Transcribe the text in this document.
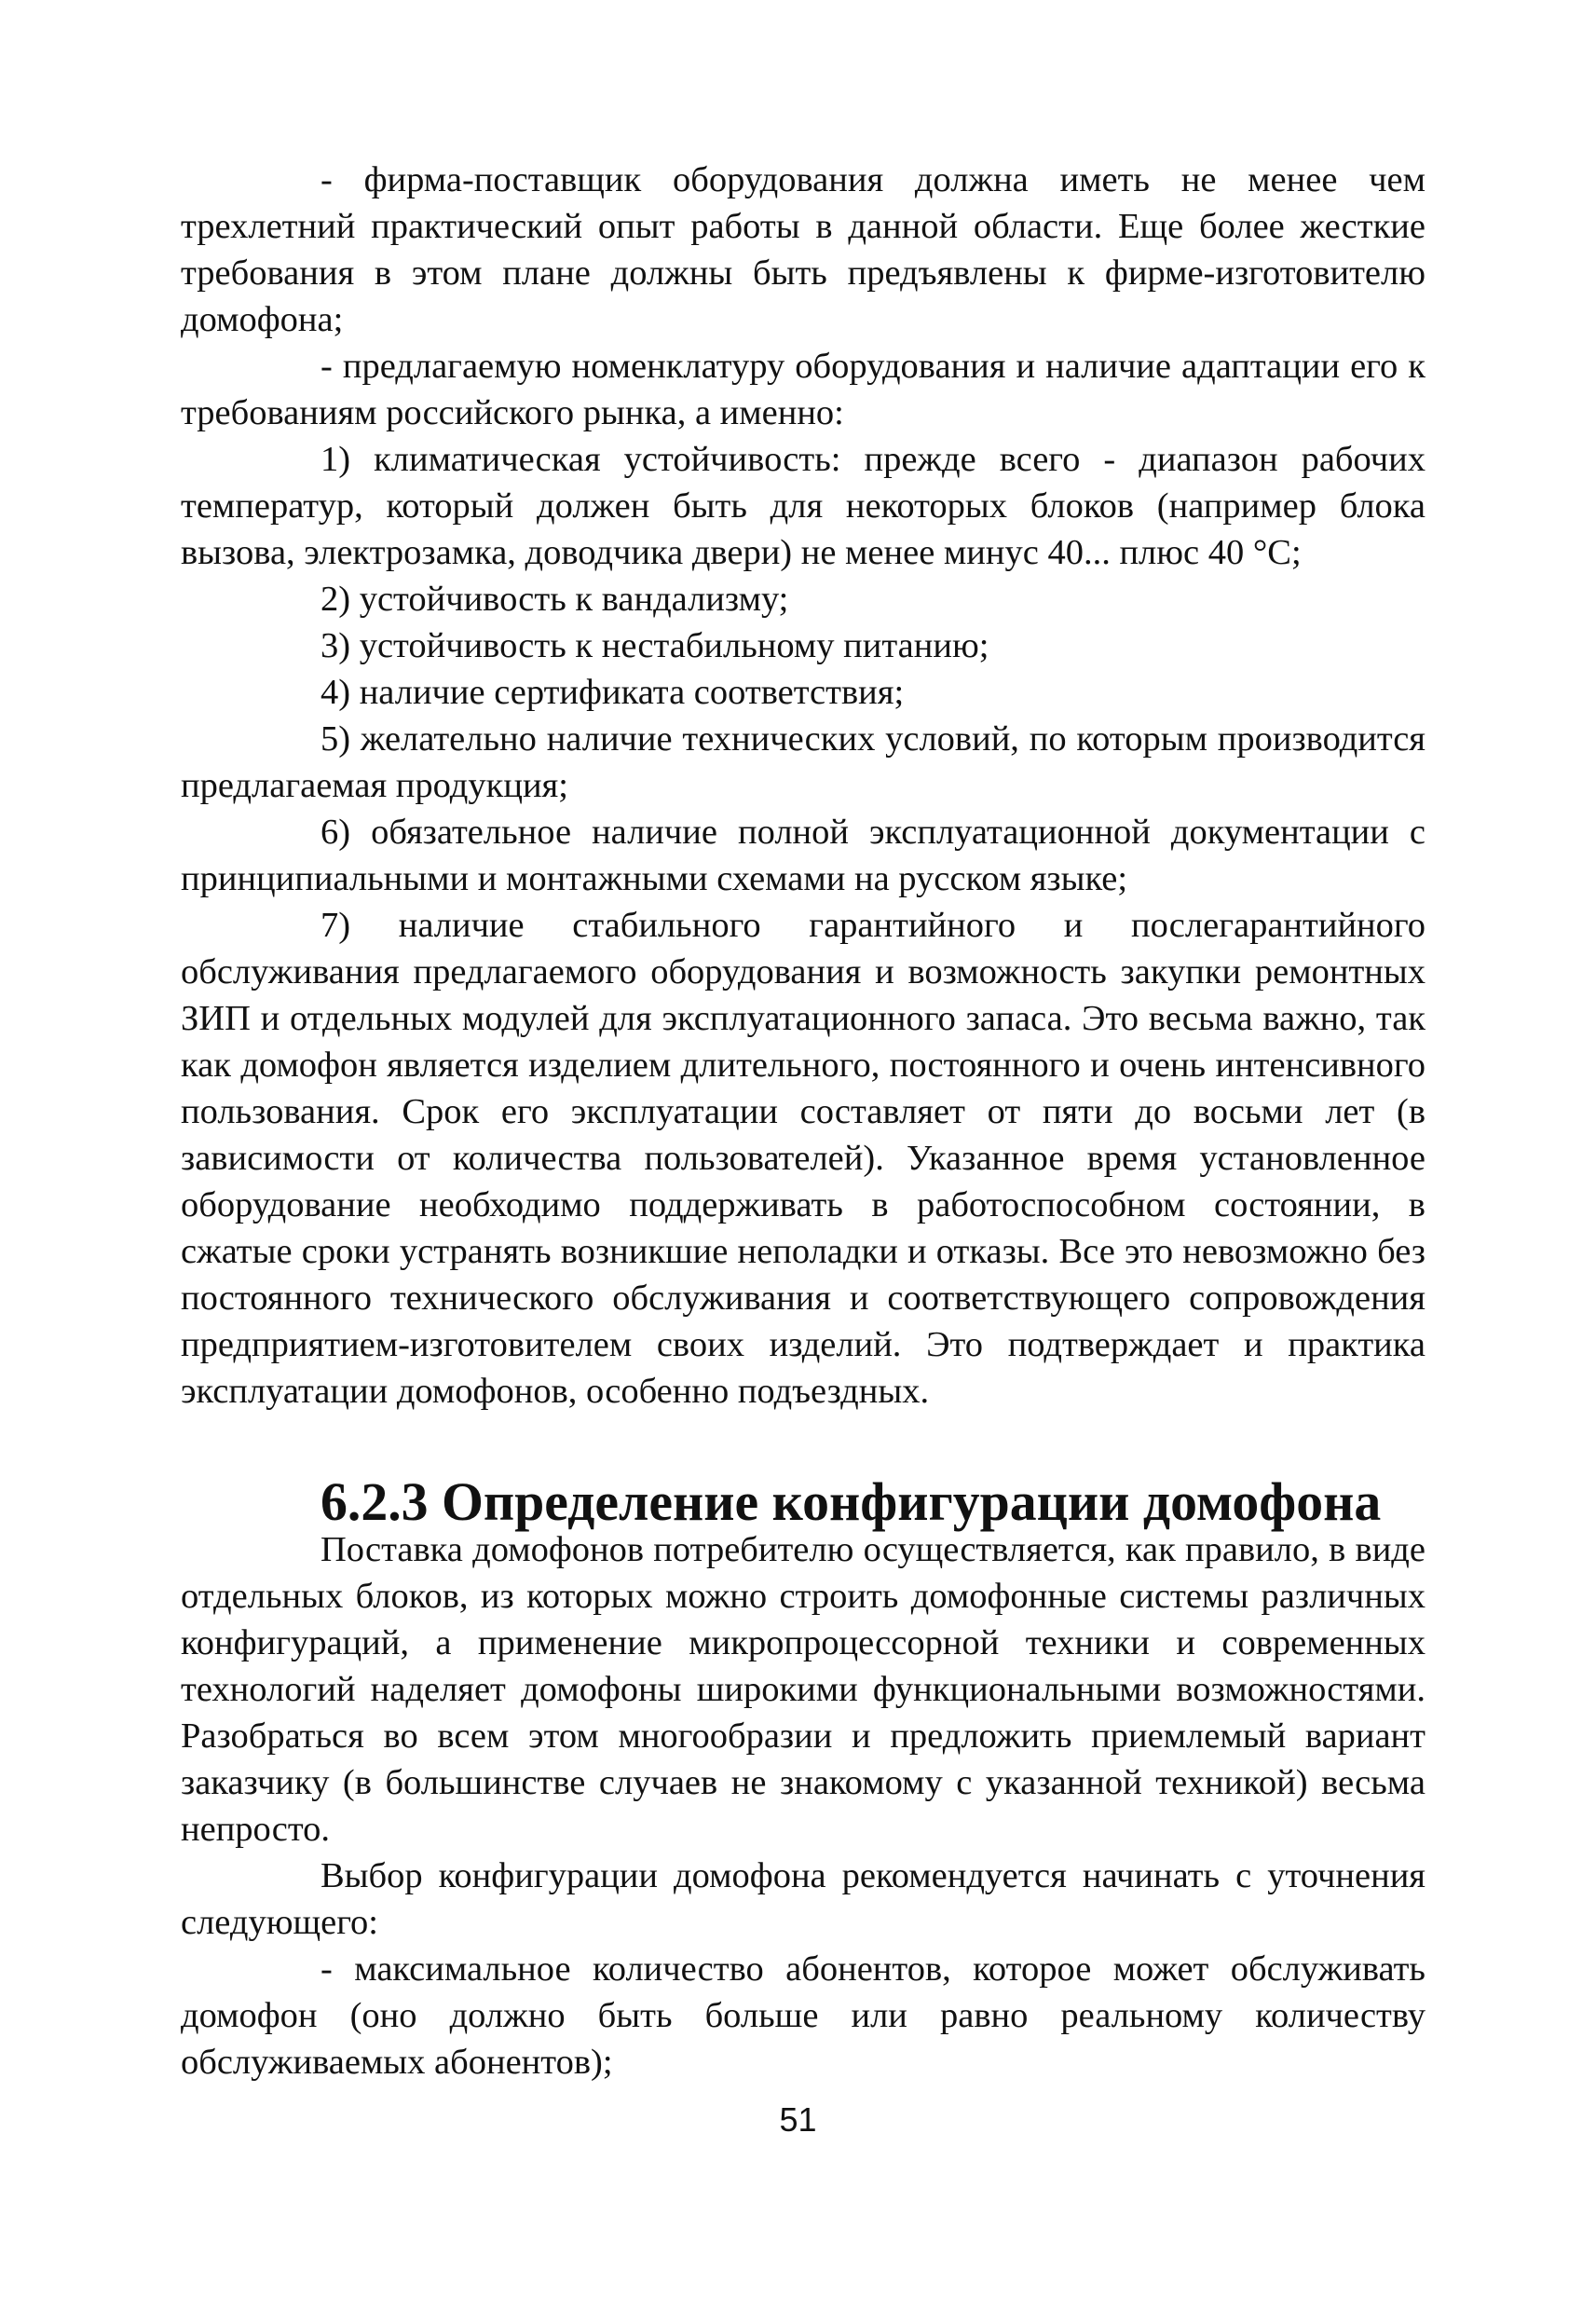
- фирма-поставщик оборудования должна иметь не менее чем трехлетний практический опыт работы в данной области. Еще более жесткие требования в этом плане должны быть предъявлены к фирме-изготовителю домофона;

- предлагаемую номенклатуру оборудования и наличие адаптации его к требованиям российского рынка, а именно:

1) климатическая устойчивость: прежде всего - диапазон рабочих температур, который должен быть для некоторых блоков (например блока вызова, электрозамка, доводчика двери) не менее минус 40... плюс 40 °С;

2) устойчивость к вандализму;

3) устойчивость к нестабильному питанию;

4) наличие сертификата соответствия;

5) желательно наличие технических условий, по которым производится предлагаемая продукция;

6) обязательное наличие полной эксплуатационной документации с принципиальными и монтажными схемами на русском языке;

7) наличие стабильного гарантийного и послегарантийного обслуживания предлагаемого оборудования и возможность закупки ремонтных ЗИП и отдельных модулей для эксплуатационного запаса. Это весьма важно, так как домофон является изделием длительного, постоянного и очень интенсивного пользования. Срок его эксплуатации составляет от пяти до восьми лет (в зависимости от количества пользователей). Указанное время установленное оборудование необходимо поддерживать в работоспособном состоянии, в сжатые сроки устранять возникшие неполадки и отказы. Все это невозможно без постоянного технического обслуживания и соответствующего сопровождения предприятием-изготовителем своих изделий. Это подтверждает и практика эксплуатации домофонов, особенно подъездных.

6.2.3 Определение конфигурации домофона

Поставка домофонов потребителю осуществляется, как правило, в виде отдельных блоков, из которых можно строить домофонные системы различных конфигураций, а применение микропроцессорной техники и современных технологий наделяет домофоны широкими функциональными возможностями. Разобраться во всем этом многообразии и предложить приемлемый вариант заказчику (в большинстве случаев не знакомому с указанной техникой) весьма непросто.

Выбор конфигурации домофона рекомендуется начинать с уточнения следующего:

- максимальное количество абонентов, которое может обслуживать домофон (оно должно быть больше или равно реальному количеству обслуживаемых абонентов);

51
